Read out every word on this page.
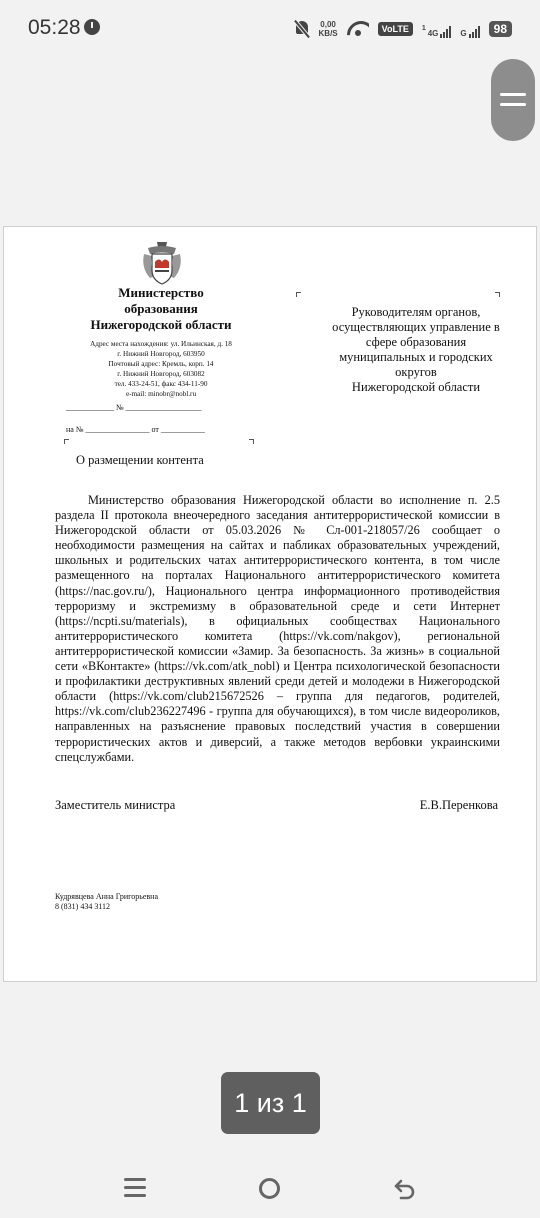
05:28	0,00
KB/S	VoLTE	1
4G	G	98
Министерство
образования
Нижегородской области
Адрес места нахождения: ул. Ильинская, д. 18
г. Нижний Новгород, 603950
Почтовый адрес: Кремль, корп. 14
г. Нижний Новгород, 603082
тел. 433-24-51, факс 434-11-90
e-mail: minobr@nobl.ru
____________ № ___________________
на № ________________ от ___________
Руководителям органов,
осуществляющих управление в
сфере образования
муниципальных и городских
округов
Нижегородской области
О размещении контента
Министерство образования Нижегородской области во исполнение п. 2.5 раздела II протокола внеочередного заседания антитеррористической комиссии в Нижегородской области от 05.03.2026 № Сл-001-218057/26 сообщает о необходимости размещения на сайтах и пабликах образовательных учреждений, школьных и родительских чатах антитеррористического контента, в том числе размещенного на порталах Национального антитеррористического комитета (https://nac.gov.ru/), Национального центра информационного противодействия терроризму и экстремизму в образовательной среде и сети Интернет (https://ncpti.su/materials), в официальных сообществах Национального антитеррористического комитета (https://vk.com/nakgov), региональной антитеррористической комиссии «Замир. За безопасность. За жизнь» в социальной сети «ВКонтакте» (https://vk.com/atk_nobl) и Центра психологической безопасности и профилактики деструктивных явлений среди детей и молодежи в Нижегородской области (https://vk.com/club215672526 – группа для педагогов, родителей, https://vk.com/club236227496 - группа для обучающихся), в том числе видеороликов, направленных на разъяснение правовых последствий участия в совершении террористических актов и диверсий, а также методов вербовки украинскими спецслужбами.
Заместитель министра	Е.В.Перенкова
Кудрявцева Анна Григорьевна
8 (831) 434 3112
1 из 1
